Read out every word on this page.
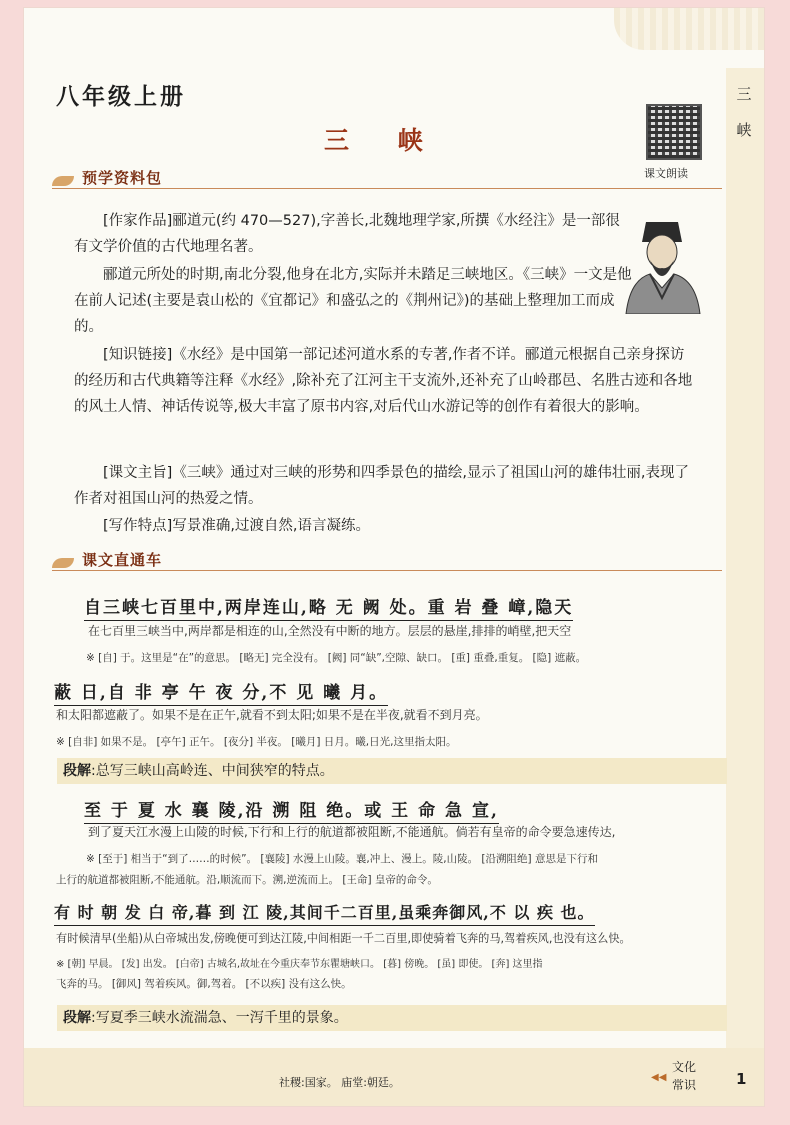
三峡
八年级上册
三 峡
课文朗读
预学资料包

[作家作品]郦道元(约 470—527),字善长,北魏地理学家,所撰《水经注》是一部很有文学价值的古代地理名著。

郦道元所处的时期,南北分裂,他身在北方,实际并未踏足三峡地区。《三峡》一文是他在前人记述(主要是袁山松的《宜都记》和盛弘之的《荆州记》)的基础上整理加工而成的。

[知识链接]《水经》是中国第一部记述河道水系的专著,作者不详。郦道元根据自己亲身探访的经历和古代典籍等注释《水经》,除补充了江河主干支流外,还补充了山岭郡邑、名胜古迹和各地的风土人情、神话传说等,极大丰富了原书内容,对后代山水游记等的创作有着很大的影响。

[课文主旨]《三峡》通过对三峡的形势和四季景色的描绘,显示了祖国山河的雄伟壮丽,表现了作者对祖国山河的热爱之情。

[写作特点]写景准确,过渡自然,语言凝练。

课文直通车
自三峡七百里中,两岸连山,略 无 阙 处。重 岩 叠 嶂,隐天
在七百里三峡当中,两岸都是相连的山,全然没有中断的地方。层层的悬崖,排排的峭壁,把天空
※ [自] 于。这里是“在”的意思。 [略无] 完全没有。 [阙] 同“缺”,空隙、缺口。 [重] 重叠,重复。 [隐] 遮蔽。
蔽 日,自 非 亭 午 夜 分,不 见 曦 月。
和太阳都遮蔽了。如果不是在正午,就看不到太阳;如果不是在半夜,就看不到月亮。
※ [自非] 如果不是。 [亭午] 正午。 [夜分] 半夜。 [曦月] 日月。曦,日光,这里指太阳。
段解:总写三峡山高岭连、中间狭窄的特点。
至 于 夏 水 襄 陵,沿 溯 阻 绝。或 王 命 急 宣,
到了夏天江水漫上山陵的时候,下行和上行的航道都被阻断,不能通航。倘若有皇帝的命令要急速传达,
※ [至于] 相当于“到了……的时候”。 [襄陵] 水漫上山陵。襄,冲上、漫上。陵,山陵。 [沿溯阻绝] 意思是下行和
上行的航道都被阻断,不能通航。沿,顺流而下。溯,逆流而上。 [王命] 皇帝的命令。
有 时 朝 发 白 帝,暮 到 江 陵,其间千二百里,虽乘奔御风,不 以 疾 也。
有时候清早(坐船)从白帝城出发,傍晚便可到达江陵,中间相距一千二百里,即使骑着飞奔的马,驾着疾风,也没有这么快。
※ [朝] 早晨。 [发] 出发。 [白帝] 古城名,故址在今重庆奉节东瞿塘峡口。 [暮] 傍晚。 [虽] 即使。 [奔] 这里指
飞奔的马。 [御风] 驾着疾风。御,驾着。 [不以疾] 没有这么快。
段解:写夏季三峡水流湍急、一泻千里的景象。
社稷:国家。 庙堂:朝廷。	◀◀
文化常识	1
